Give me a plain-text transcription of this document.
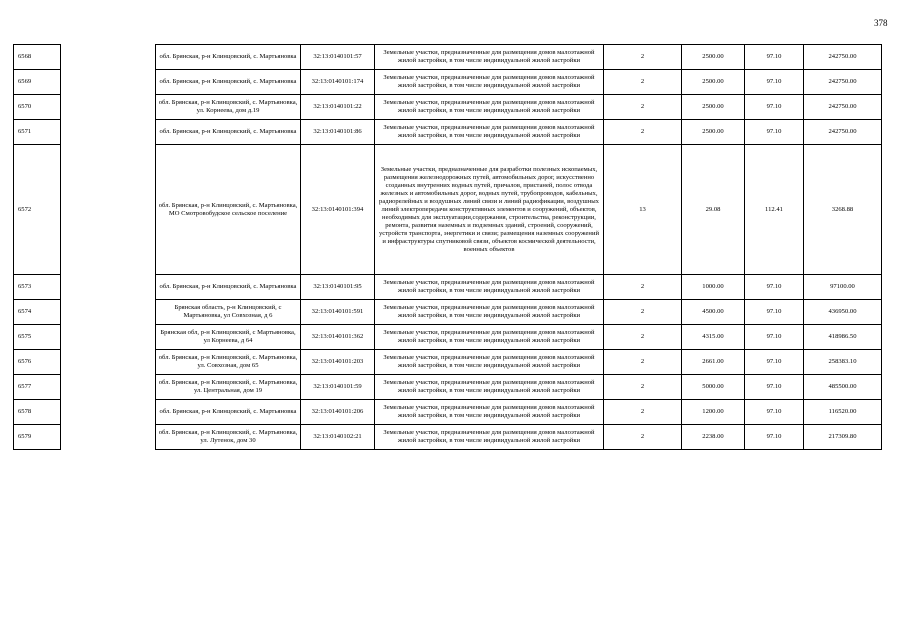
378
6568		обл. Брянская, р-н Клинцовский, с. Мартьяновка	32:13:0140101:57	Земельные участки, предназначенные для размещения домов малоэтажной жилой застройки, в том числе индивидуальной жилой застройки	2	2500.00	97.10	242750.00
6569		обл. Брянская, р-н Клинцовский, с. Мартьяновка	32:13:0140101:174	Земельные участки, предназначенные для размещения домов малоэтажной жилой застройки, в том числе индивидуальной жилой застройки	2	2500.00	97.10	242750.00
6570		обл. Брянская, р-н Клинцовский, с. Мартьяновка, ул. Корнеева, дом д.19	32:13:0140101:22	Земельные участки, предназначенные для размещения домов малоэтажной жилой застройки, в том числе индивидуальной жилой застройки	2	2500.00	97.10	242750.00
6571		обл. Брянская, р-н Клинцовский, с. Мартьяновка	32:13:0140101:86	Земельные участки, предназначенные для размещения домов малоэтажной жилой застройки, в том числе индивидуальной жилой застройки	2	2500.00	97.10	242750.00
6572		обл. Брянская, р-н Клинцовский, с. Мартьяновка, МО Смотровобудское сельское поселение	32:13:0140101:394	Земельные участки, предназначенные для разработки полезных ископаемых, размещения железнодорожных путей, автомобильных дорог, искусственно созданных внутренних водных путей, причалов, пристаней, полос отвода железных и автомобильных дорог, водных путей, трубопроводов, кабельных, радиорелейных и воздушных линий связи и линий радиофикации, воздушных линий электропередачи конструктивных элементов и сооружений, объектов, необходимых для эксплуатации,содержания, строительства, реконструкции, ремонта, развития наземных и подземных зданий, строений, сооружений, устройств транспорта, энергетики и связи; размещения наземных сооружений и инфраструктуры спутниковой связи, объектов космической деятельности, военных объектов	13	29.08	112.41	3268.88
6573		обл. Брянская, р-н Клинцовский, с. Мартьяновка	32:13:0140101:95	Земельные участки, предназначенные для размещения домов малоэтажной жилой застройки, в том числе индивидуальной жилой застройки	2	1000.00	97.10	97100.00
6574		Брянская область, р-н Клинцовский, с Мартьяновка, ул Совхозная, д 6	32:13:0140101:591	Земельные участки, предназначенные для размещения домов малоэтажной жилой застройки, в том числе индивидуальной жилой застройки	2	4500.00	97.10	436950.00
6575		Брянская обл, р-н Клинцовский, с Мартьяновка, ул Корнеева, д 64	32:13:0140101:362	Земельные участки, предназначенные для размещения домов малоэтажной жилой застройки, в том числе индивидуальной жилой застройки	2	4315.00	97.10	418986.50
6576		обл. Брянская, р-н Клинцовский, с. Мартьяновка, ул. Совхозная, дом 65	32:13:0140101:203	Земельные участки, предназначенные для размещения домов малоэтажной жилой застройки, в том числе индивидуальной жилой застройки	2	2661.00	97.10	258383.10
6577		обл. Брянская, р-н Клинцовский, с. Мартьяновка, ул. Центральная, дом 19	32:13:0140101:59	Земельные участки, предназначенные для размещения домов малоэтажной жилой застройки, в том числе индивидуальной жилой застройки	2	5000.00	97.10	485500.00
6578		обл. Брянская, р-н Клинцовский, с. Мартьяновка	32:13:0140101:206	Земельные участки, предназначенные для размещения домов малоэтажной жилой застройки, в том числе индивидуальной жилой застройки	2	1200.00	97.10	116520.00
6579		обл. Брянская, р-н Клинцовский, с. Мартьяновка, ул. Лутенок, дом 30	32:13:0140102:21	Земельные участки, предназначенные для размещения домов малоэтажной жилой застройки, в том числе индивидуальной жилой застройки	2	2238.00	97.10	217309.80
